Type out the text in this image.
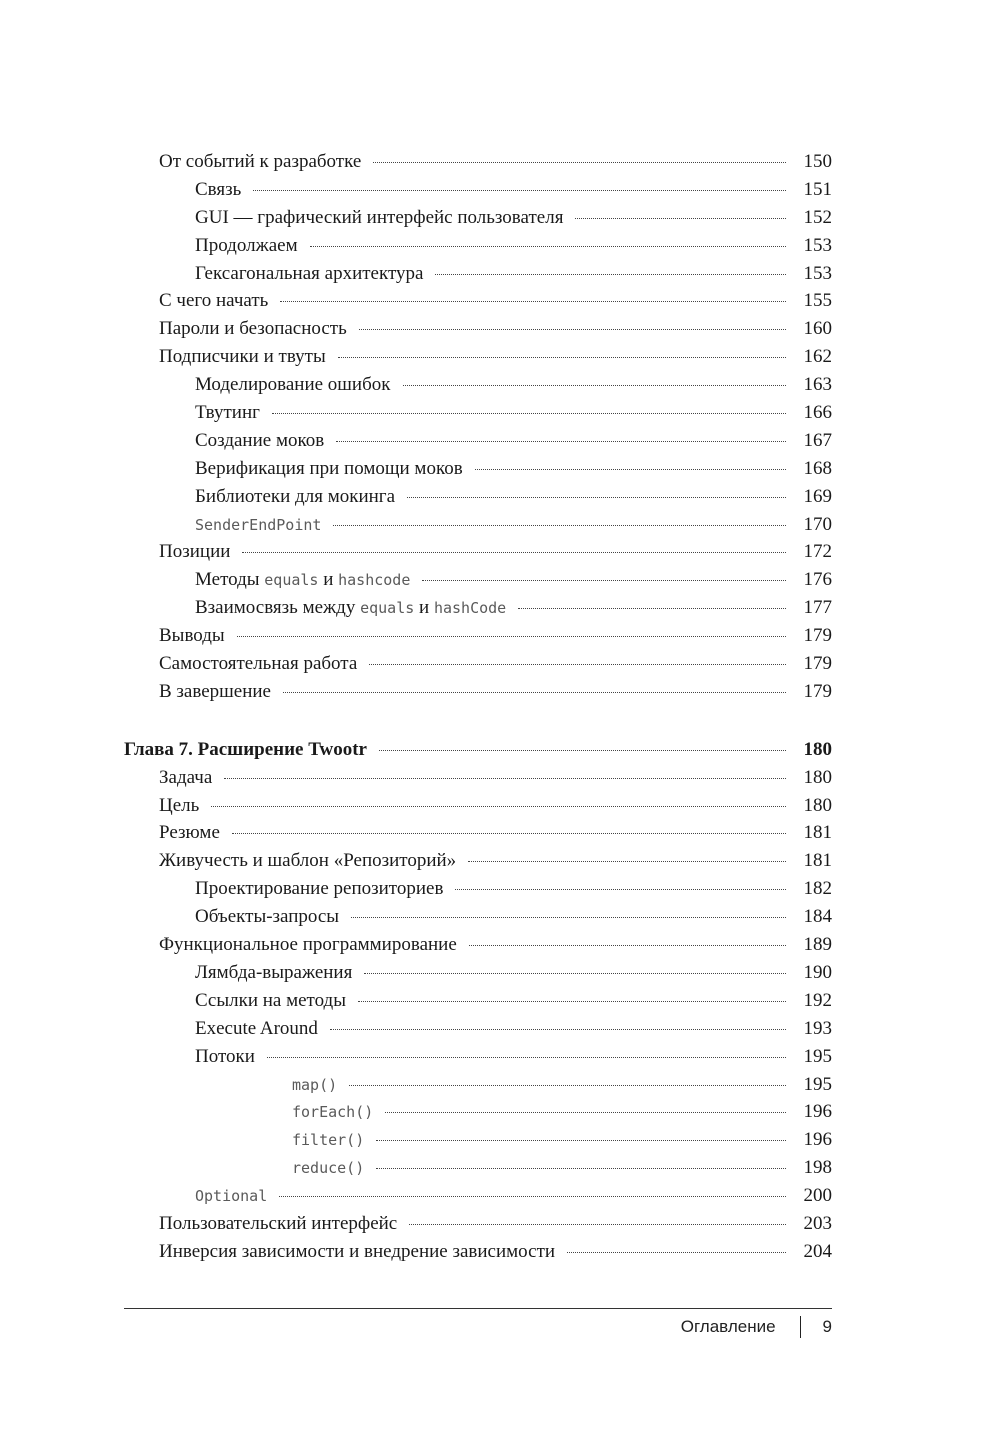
От событий к разработке	150
Связь	151
GUI — графический интерфейс пользователя	152
Продолжаем	153
Гексагональная архитектура	153
С чего начать	155
Пароли и безопасность	160
Подписчики и твуты	162
Моделирование ошибок	163
Твутинг	166
Создание моков	167
Верификация при помощи моков	168
Библиотеки для мокинга	169
SenderEndPoint	170
Позиции	172
Методы equals и hashcode	176
Взаимосвязь между equals и hashCode	177
Выводы	179
Самостоятельная работа	179
В завершение	179
Глава 7. Расширение Twootr	180
Задача	180
Цель	180
Резюме	181
Живучесть и шаблон «Репозиторий»	181
Проектирование репозиториев	182
Объекты-запросы	184
Функциональное программирование	189
Лямбда-выражения	190
Ссылки на методы	192
Execute Around	193
Потоки	195
map()	195
forEach()	196
filter()	196
reduce()	198
Optional	200
Пользовательский интерфейс	203
Инверсия зависимости и внедрение зависимости	204
Оглавление	9
